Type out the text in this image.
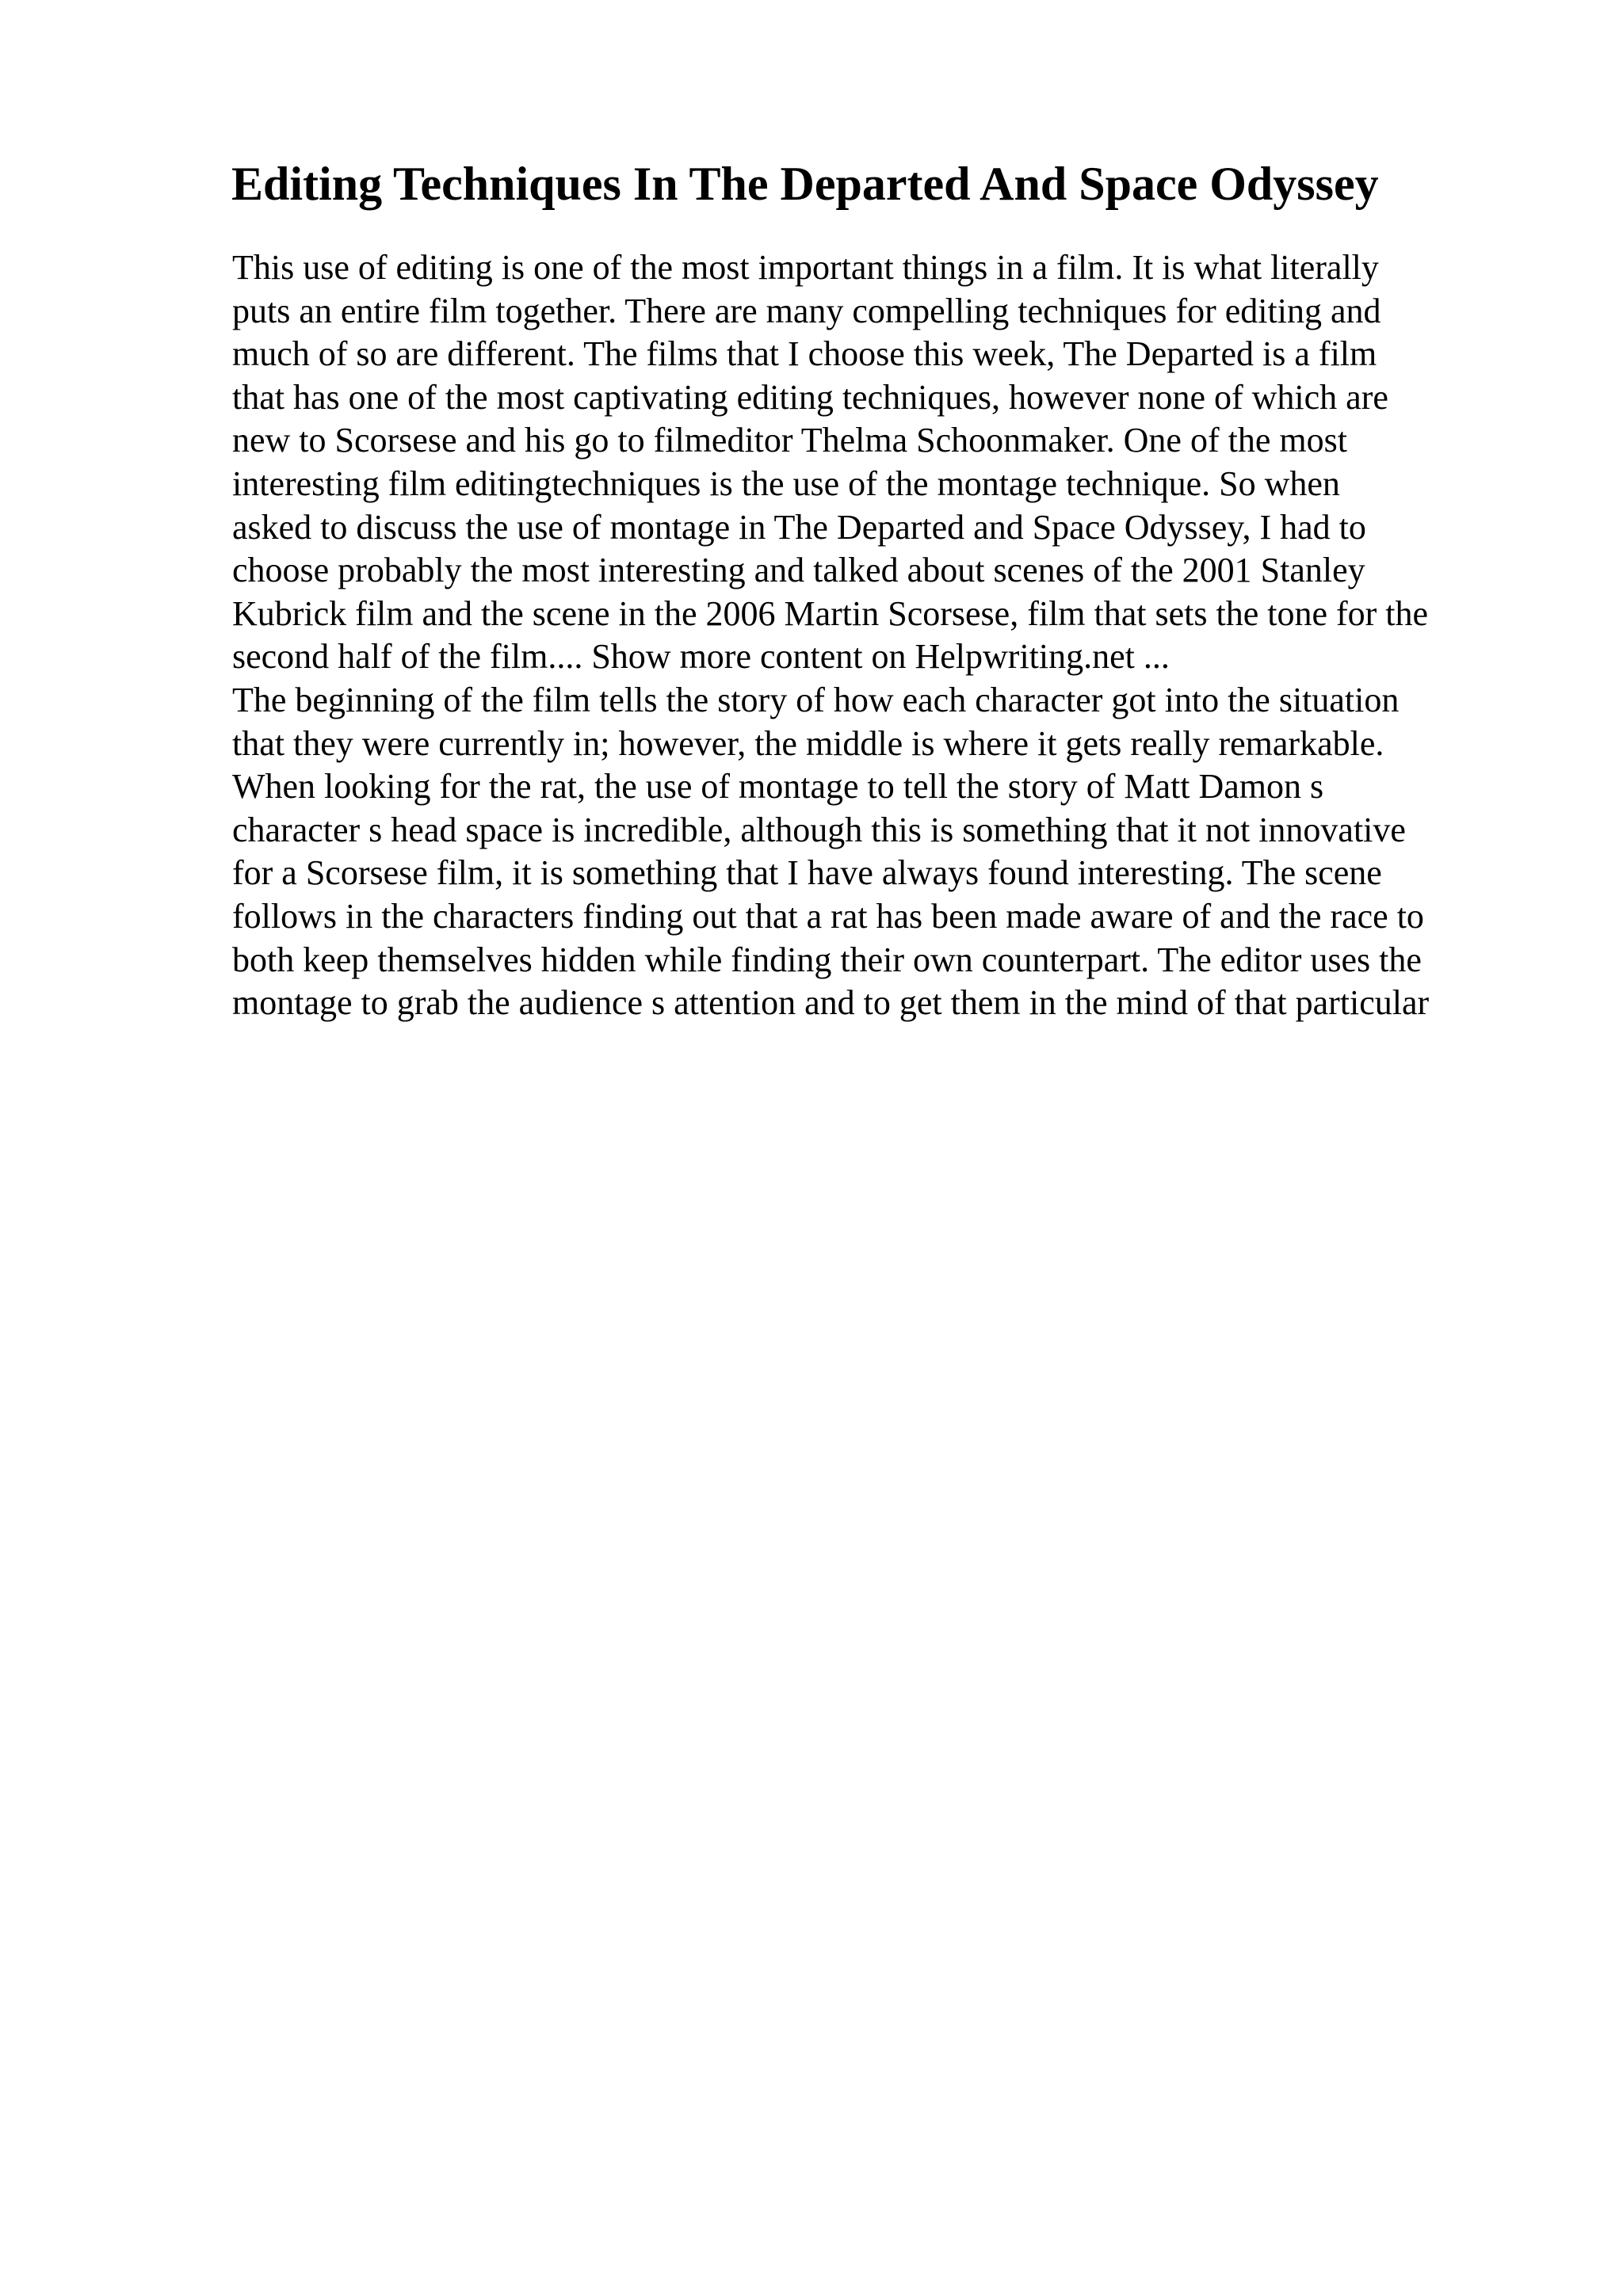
Editing Techniques In The Departed And Space Odyssey
This use of editing is one of the most important things in a film. It is what literally
puts an entire film together. There are many compelling techniques for editing and
much of so are different. The films that I choose this week, The Departed is a film
that has one of the most captivating editing techniques, however none of which are
new to Scorsese and his go to filmeditor Thelma Schoonmaker. One of the most
interesting film editingtechniques is the use of the montage technique. So when
asked to discuss the use of montage in The Departed and Space Odyssey, I had to
choose probably the most interesting and talked about scenes of the 2001 Stanley
Kubrick film and the scene in the 2006 Martin Scorsese, film that sets the tone for the
second half of the film.... Show more content on Helpwriting.net ...
The beginning of the film tells the story of how each character got into the situation
that they were currently in; however, the middle is where it gets really remarkable.
When looking for the rat, the use of montage to tell the story of Matt Damon s
character s head space is incredible, although this is something that it not innovative
for a Scorsese film, it is something that I have always found interesting. The scene
follows in the characters finding out that a rat has been made aware of and the race to
both keep themselves hidden while finding their own counterpart. The editor uses the
montage to grab the audience s attention and to get them in the mind of that particular
